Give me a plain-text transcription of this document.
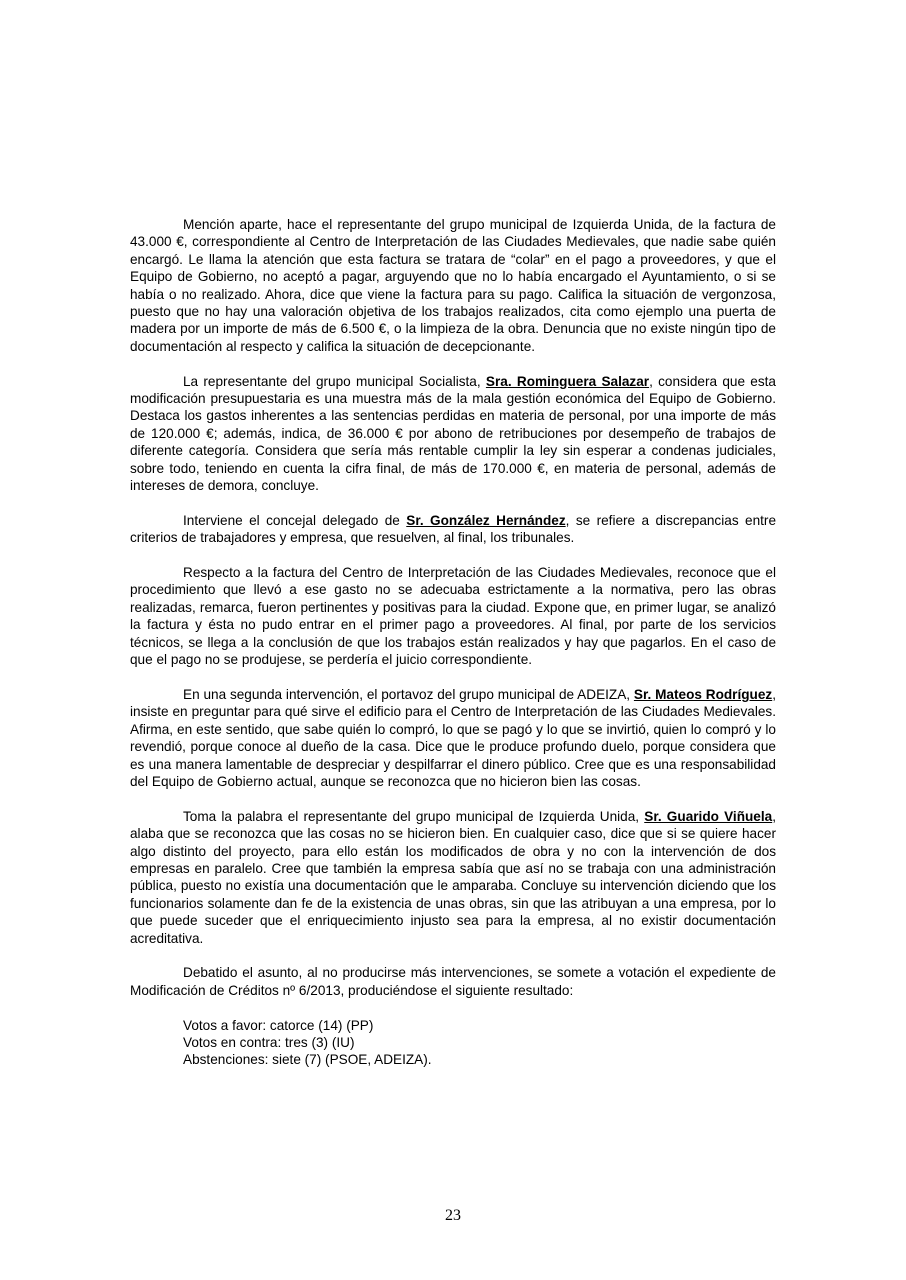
Mención aparte, hace el representante del grupo municipal de Izquierda Unida, de la factura de 43.000 €, correspondiente al Centro de Interpretación de las Ciudades Medievales, que nadie sabe quién encargó. Le llama la atención que esta factura se tratara de “colar” en el pago a proveedores, y que el Equipo de Gobierno, no aceptó a pagar, arguyendo que no lo había encargado el Ayuntamiento, o si se había o no realizado. Ahora, dice que viene la factura para su pago. Califica la situación de vergonzosa, puesto que no hay una valoración objetiva de los trabajos realizados, cita como ejemplo una puerta de madera por un importe de más de 6.500 €, o la limpieza de la obra. Denuncia que no existe ningún tipo de documentación al respecto y califica la situación de decepcionante.

La representante del grupo municipal Socialista, Sra. Rominguera Salazar, considera que esta modificación presupuestaria es una muestra más de la mala gestión económica del Equipo de Gobierno. Destaca los gastos inherentes a las sentencias perdidas en materia de personal, por una importe de más de 120.000 €; además, indica, de 36.000 € por abono de retribuciones por desempeño de trabajos de diferente categoría. Considera que sería más rentable cumplir la ley sin esperar a condenas judiciales, sobre todo, teniendo en cuenta la cifra final, de más de 170.000 €, en materia de personal, además de intereses de demora, concluye.

Interviene el concejal delegado de Sr. González Hernández, se refiere a discrepancias entre criterios de trabajadores y empresa, que resuelven, al final, los tribunales.

Respecto a la factura del Centro de Interpretación de las Ciudades Medievales, reconoce que el procedimiento que llevó a ese gasto no se adecuaba estrictamente a la normativa, pero las obras realizadas, remarca, fueron pertinentes y positivas para la ciudad. Expone que, en primer lugar, se analizó la factura y ésta no pudo entrar en el primer pago a proveedores. Al final, por parte de los servicios técnicos, se llega a la conclusión de que los trabajos están realizados y hay que pagarlos. En el caso de que el pago no se produjese, se perdería el juicio correspondiente.

En una segunda intervención, el portavoz del grupo municipal de ADEIZA, Sr. Mateos Rodríguez, insiste en preguntar para qué sirve el edificio para el Centro de Interpretación de las Ciudades Medievales. Afirma, en este sentido, que sabe quién lo compró, lo que se pagó y lo que se invirtió, quien lo compró y lo revendió, porque conoce al dueño de la casa. Dice que le produce profundo duelo, porque considera que es una manera lamentable de despreciar y despilfarrar el dinero público. Cree que es una responsabilidad del Equipo de Gobierno actual, aunque se reconozca que no hicieron bien las cosas.

Toma la palabra el representante del grupo municipal de Izquierda Unida, Sr. Guarido Viñuela, alaba que se reconozca que las cosas no se hicieron bien. En cualquier caso, dice que si se quiere hacer algo distinto del proyecto, para ello están los modificados de obra y no con la intervención de dos empresas en paralelo. Cree que también la empresa sabía que así no se trabaja con una administración pública, puesto no existía una documentación que le amparaba. Concluye su intervención diciendo que los funcionarios solamente dan fe de la existencia de unas obras, sin que las atribuyan a una empresa, por lo que puede suceder que el enriquecimiento injusto sea para la empresa, al no existir documentación acreditativa.

Debatido el asunto, al no producirse más intervenciones, se somete a votación el expediente de Modificación de Créditos nº 6/2013, produciéndose el siguiente resultado:

Votos a favor: catorce (14) (PP)
Votos en contra: tres (3) (IU)
Abstenciones: siete (7) (PSOE, ADEIZA).
23
